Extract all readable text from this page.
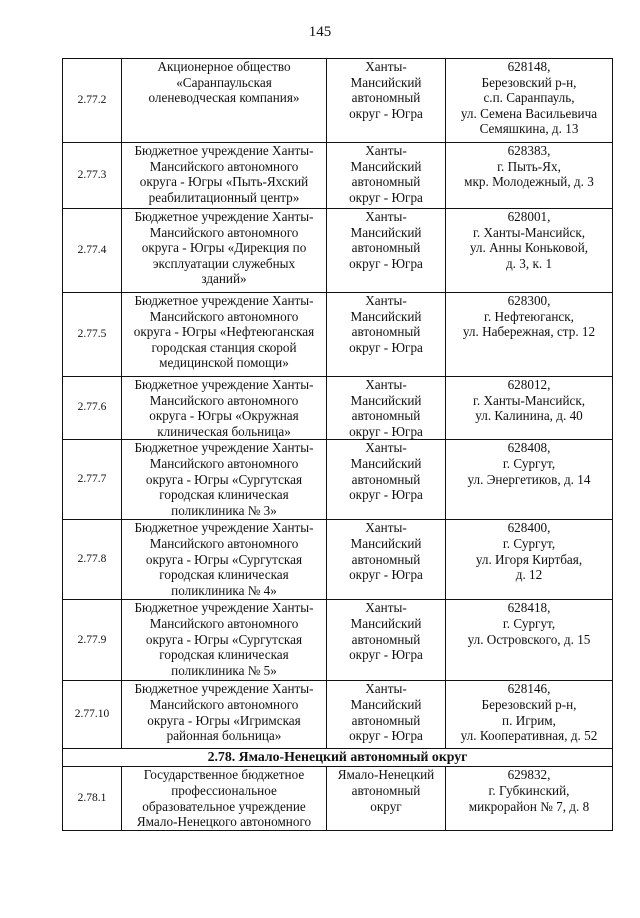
145
2.77.2	Акционерное общество
«Саранпаульская
оленеводческая компания»	Ханты-
Мансийский
автономный
округ - Югра	628148,
Березовский р-н,
с.п. Саранпауль,
ул. Семена Васильевича
Семяшкина, д. 13

2.77.3	Бюджетное учреждение Ханты-
Мансийского автономного
округа - Югры «Пыть-Яхский
реабилитационный центр»	Ханты-
Мансийский
автономный
округ - Югра	628383,
г. Пыть-Ях,
мкр. Молодежный, д. 3

2.77.4	Бюджетное учреждение Ханты-
Мансийского автономного
округа - Югры «Дирекция по
эксплуатации служебных
зданий»	Ханты-
Мансийский
автономный
округ - Югра	628001,
г. Ханты-Мансийск,
ул. Анны Коньковой,
д. 3, к. 1

2.77.5	Бюджетное учреждение Ханты-
Мансийского автономного
округа - Югры «Нефтеюганская
городская станция скорой
медицинской помощи»	Ханты-
Мансийский
автономный
округ - Югра	628300,
г. Нефтеюганск,
ул. Набережная, стр. 12

2.77.6	Бюджетное учреждение Ханты-
Мансийского автономного
округа - Югры «Окружная
клиническая больница»	Ханты-
Мансийский
автономный
округ - Югра	628012,
г. Ханты-Мансийск,
ул. Калинина, д. 40

2.77.7	Бюджетное учреждение Ханты-
Мансийского автономного
округа - Югры «Сургутская
городская клиническая
поликлиника № 3»	Ханты-
Мансийский
автономный
округ - Югра	628408,
г. Сургут,
ул. Энергетиков, д. 14

2.77.8	Бюджетное учреждение Ханты-
Мансийского автономного
округа - Югры «Сургутская
городская клиническая
поликлиника № 4»	Ханты-
Мансийский
автономный
округ - Югра	628400,
г. Сургут,
ул. Игоря Киртбая,
д. 12

2.77.9	Бюджетное учреждение Ханты-
Мансийского автономного
округа - Югры «Сургутская
городская клиническая
поликлиника № 5»	Ханты-
Мансийский
автономный
округ - Югра	628418,
г. Сургут,
ул. Островского, д. 15

2.77.10	Бюджетное учреждение Ханты-
Мансийского автономного
округа - Югры «Игримская
районная больница»	Ханты-
Мансийский
автономный
округ - Югра	628146,
Березовский р-н,
п. Игрим,
ул. Кооперативная, д. 52

2.78. Ямало-Ненецкий автономный округ			
2.78.1	Государственное бюджетное
профессиональное
образовательное учреждение
Ямало-Ненецкого автономного	Ямало-Ненецкий
автономный
округ	629832,
г. Губкинский,
микрорайон № 7, д. 8
